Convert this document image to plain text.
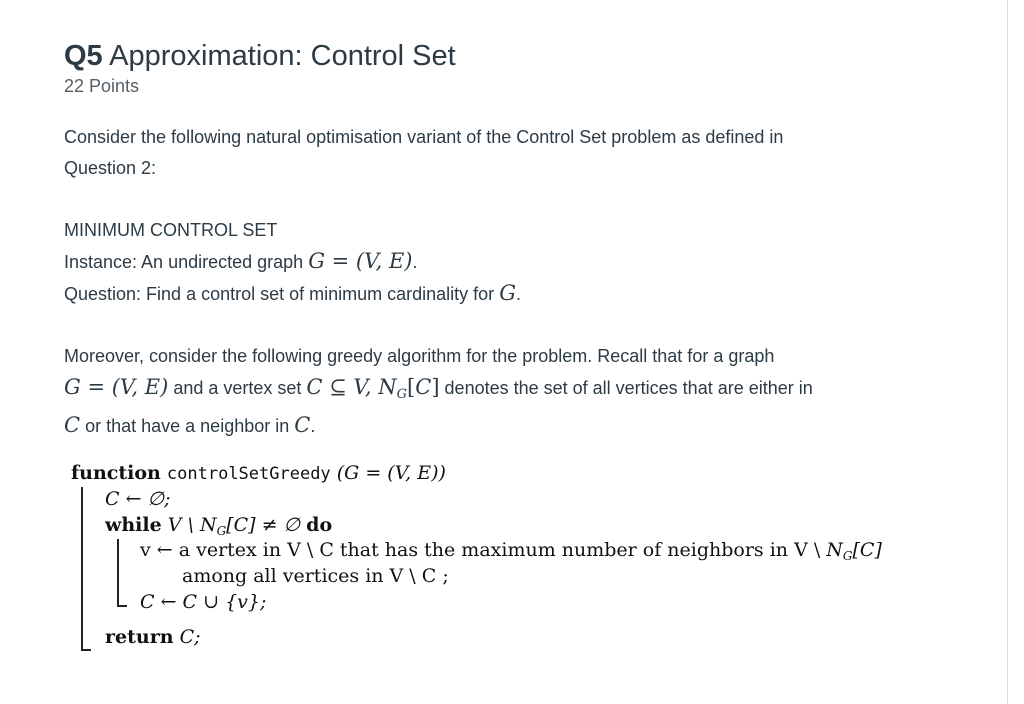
Q5 Approximation: Control Set
22 Points

Consider the following natural optimisation variant of the Control Set problem as defined in

Question 2:

MINIMUM CONTROL SET

Instance: An undirected graph G = (V, E).

Question: Find a control set of minimum cardinality for G.

Moreover, consider the following greedy algorithm for the problem. Recall that for a graph

G = (V, E) and a vertex set C ⊆ V, $N_G[C]$ denotes the set of all vertices that are either in

C or that have a neighbor in C.

function controlSetGreedy (G = (V, E))
C ← ∅;
while V \ $N_G[C]$ ≠ ∅ do
v ← a vertex in V \ C that has the maximum number of neighbors in V \ $N_G[C]$
among all vertices in V \ C ;
C ← C ∪ {v};
return C;
